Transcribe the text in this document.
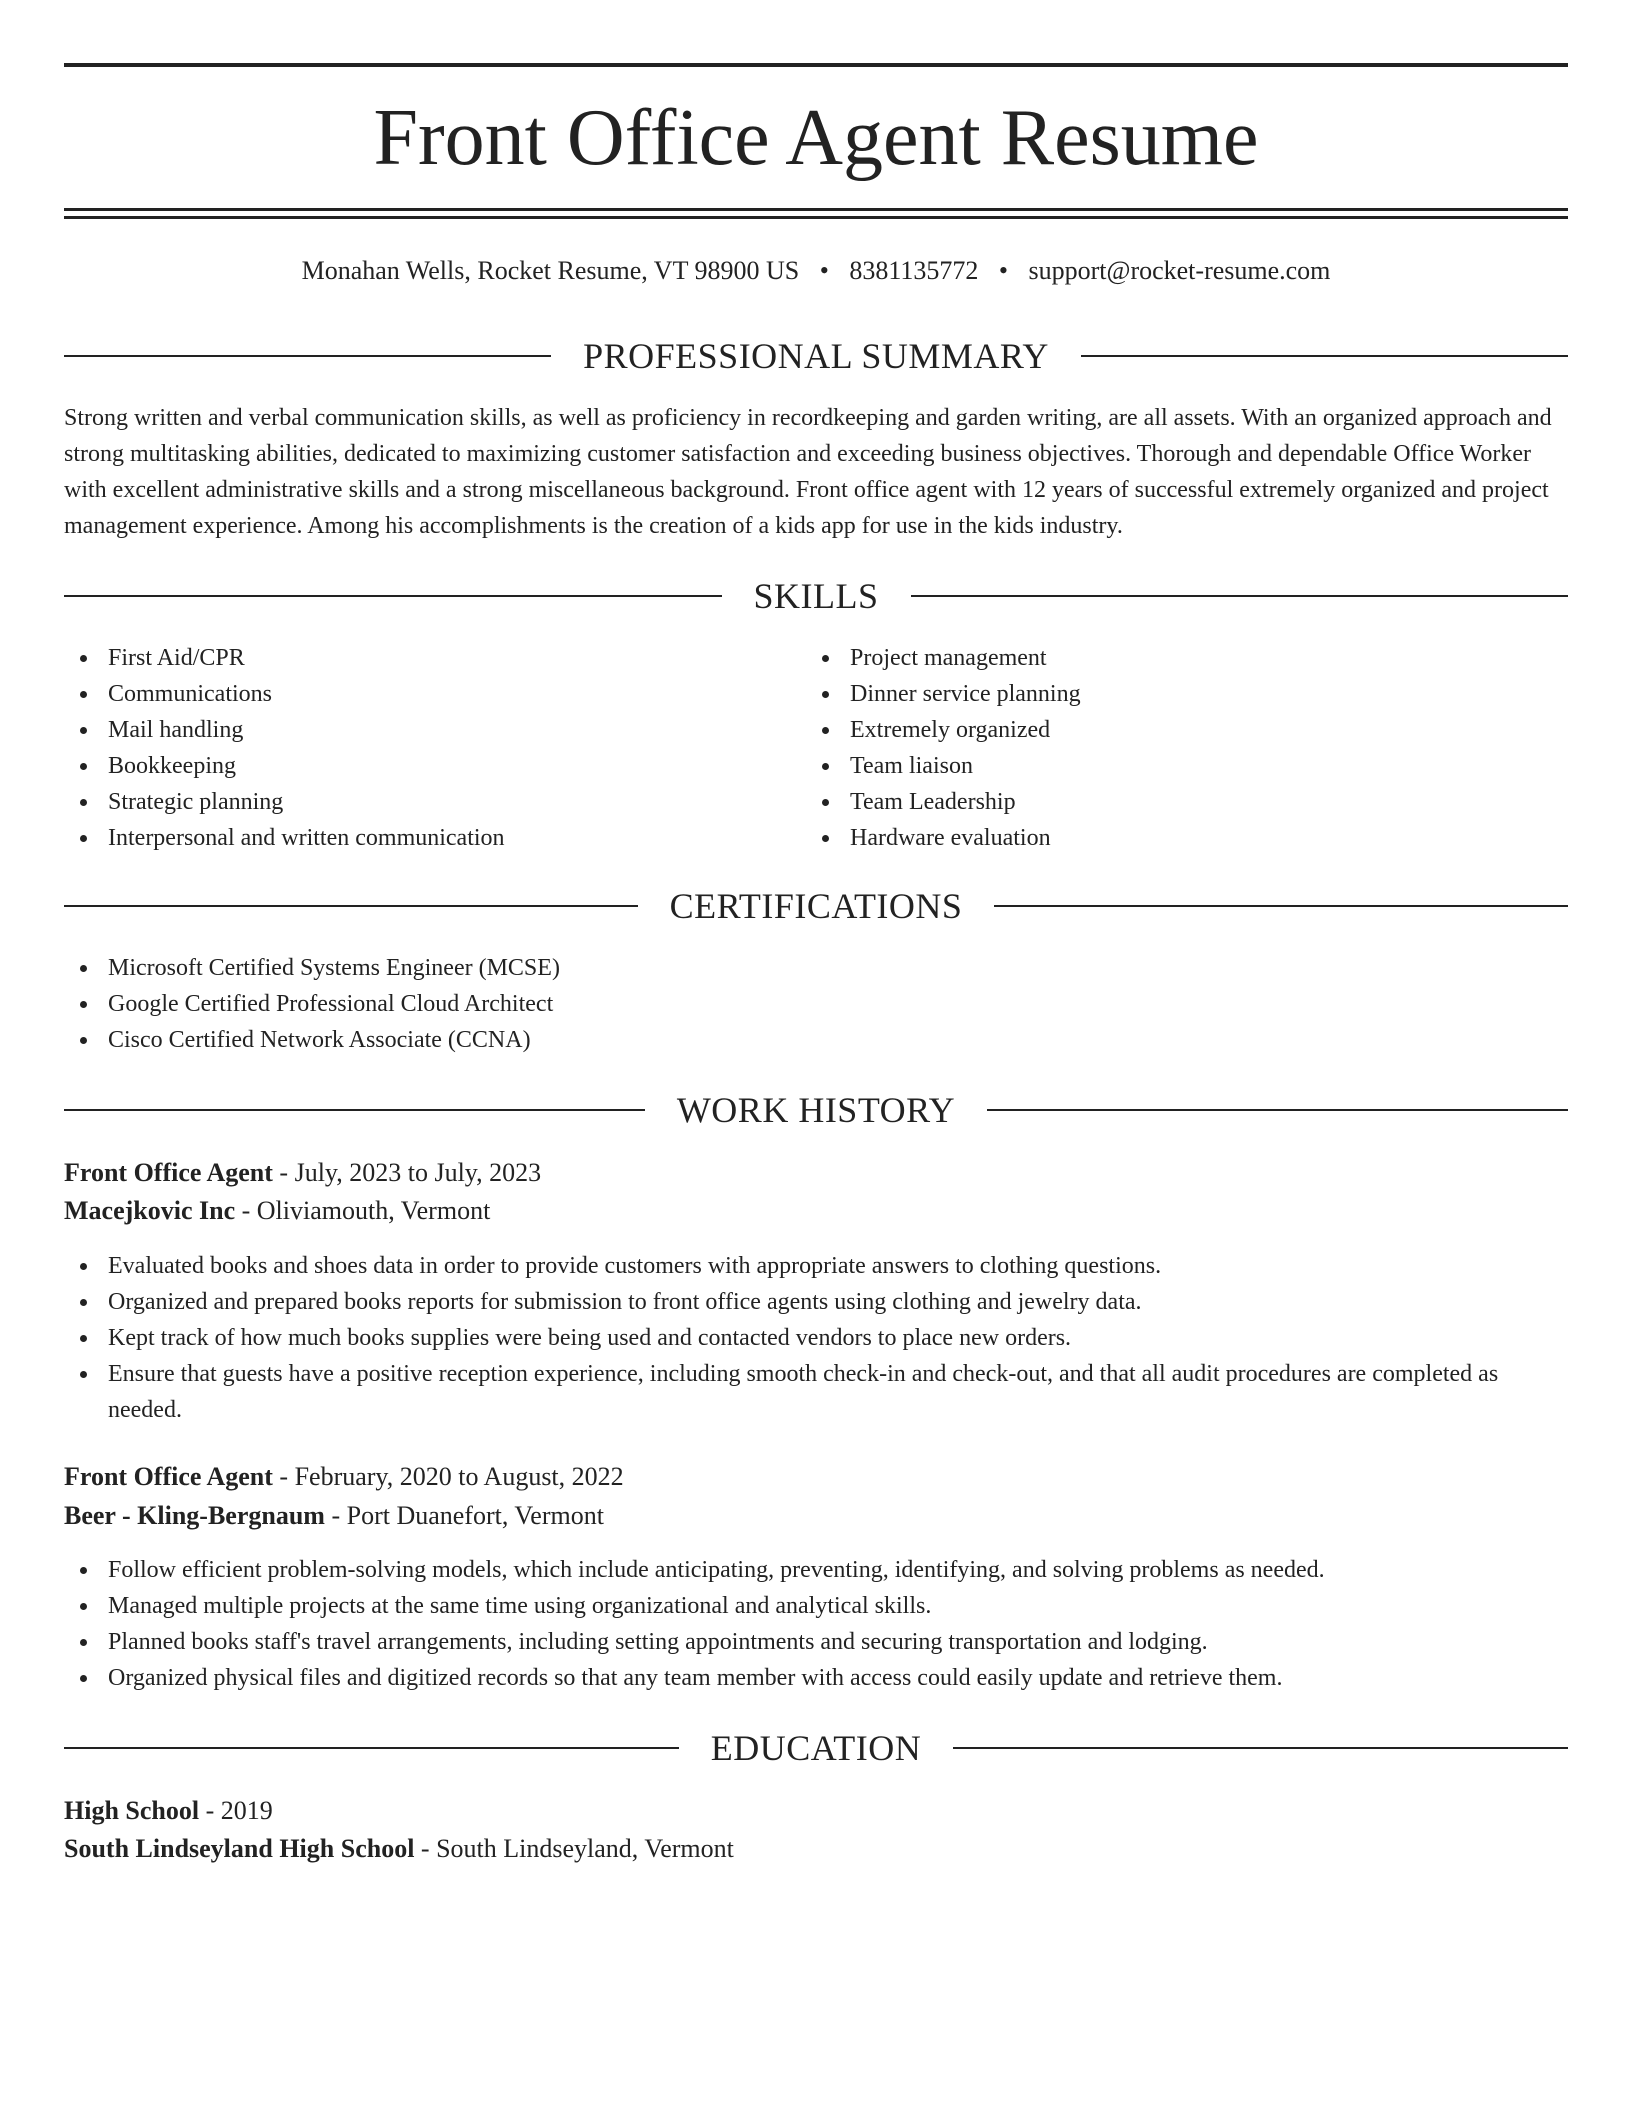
Front Office Agent Resume
Monahan Wells, Rocket Resume, VT 98900 US • 8381135772 • support@rocket-resume.com
PROFESSIONAL SUMMARY

Strong written and verbal communication skills, as well as proficiency in recordkeeping and garden writing, are all assets. With an organized approach and strong multitasking abilities, dedicated to maximizing customer satisfaction and exceeding business objectives. Thorough and dependable Office Worker with excellent administrative skills and a strong miscellaneous background. Front office agent with 12 years of successful extremely organized and project management experience. Among his accomplishments is the creation of a kids app for use in the kids industry.

SKILLS
First Aid/CPR
Communications
Mail handling
Bookkeeping
Strategic planning
Interpersonal and written communication
Project management
Dinner service planning
Extremely organized
Team liaison
Team Leadership
Hardware evaluation
CERTIFICATIONS
Microsoft Certified Systems Engineer (MCSE)
Google Certified Professional Cloud Architect
Cisco Certified Network Associate (CCNA)
WORK HISTORY
Front Office Agent - July, 2023 to July, 2023
Macejkovic Inc - Oliviamouth, Vermont
Evaluated books and shoes data in order to provide customers with appropriate answers to clothing questions.
Organized and prepared books reports for submission to front office agents using clothing and jewelry data.
Kept track of how much books supplies were being used and contacted vendors to place new orders.
Ensure that guests have a positive reception experience, including smooth check-in and check-out, and that all audit procedures are completed as needed.
Front Office Agent - February, 2020 to August, 2022
Beer - Kling-Bergnaum - Port Duanefort, Vermont
Follow efficient problem-solving models, which include anticipating, preventing, identifying, and solving problems as needed.
Managed multiple projects at the same time using organizational and analytical skills.
Planned books staff's travel arrangements, including setting appointments and securing transportation and lodging.
Organized physical files and digitized records so that any team member with access could easily update and retrieve them.
EDUCATION
High School - 2019
South Lindseyland High School - South Lindseyland, Vermont
